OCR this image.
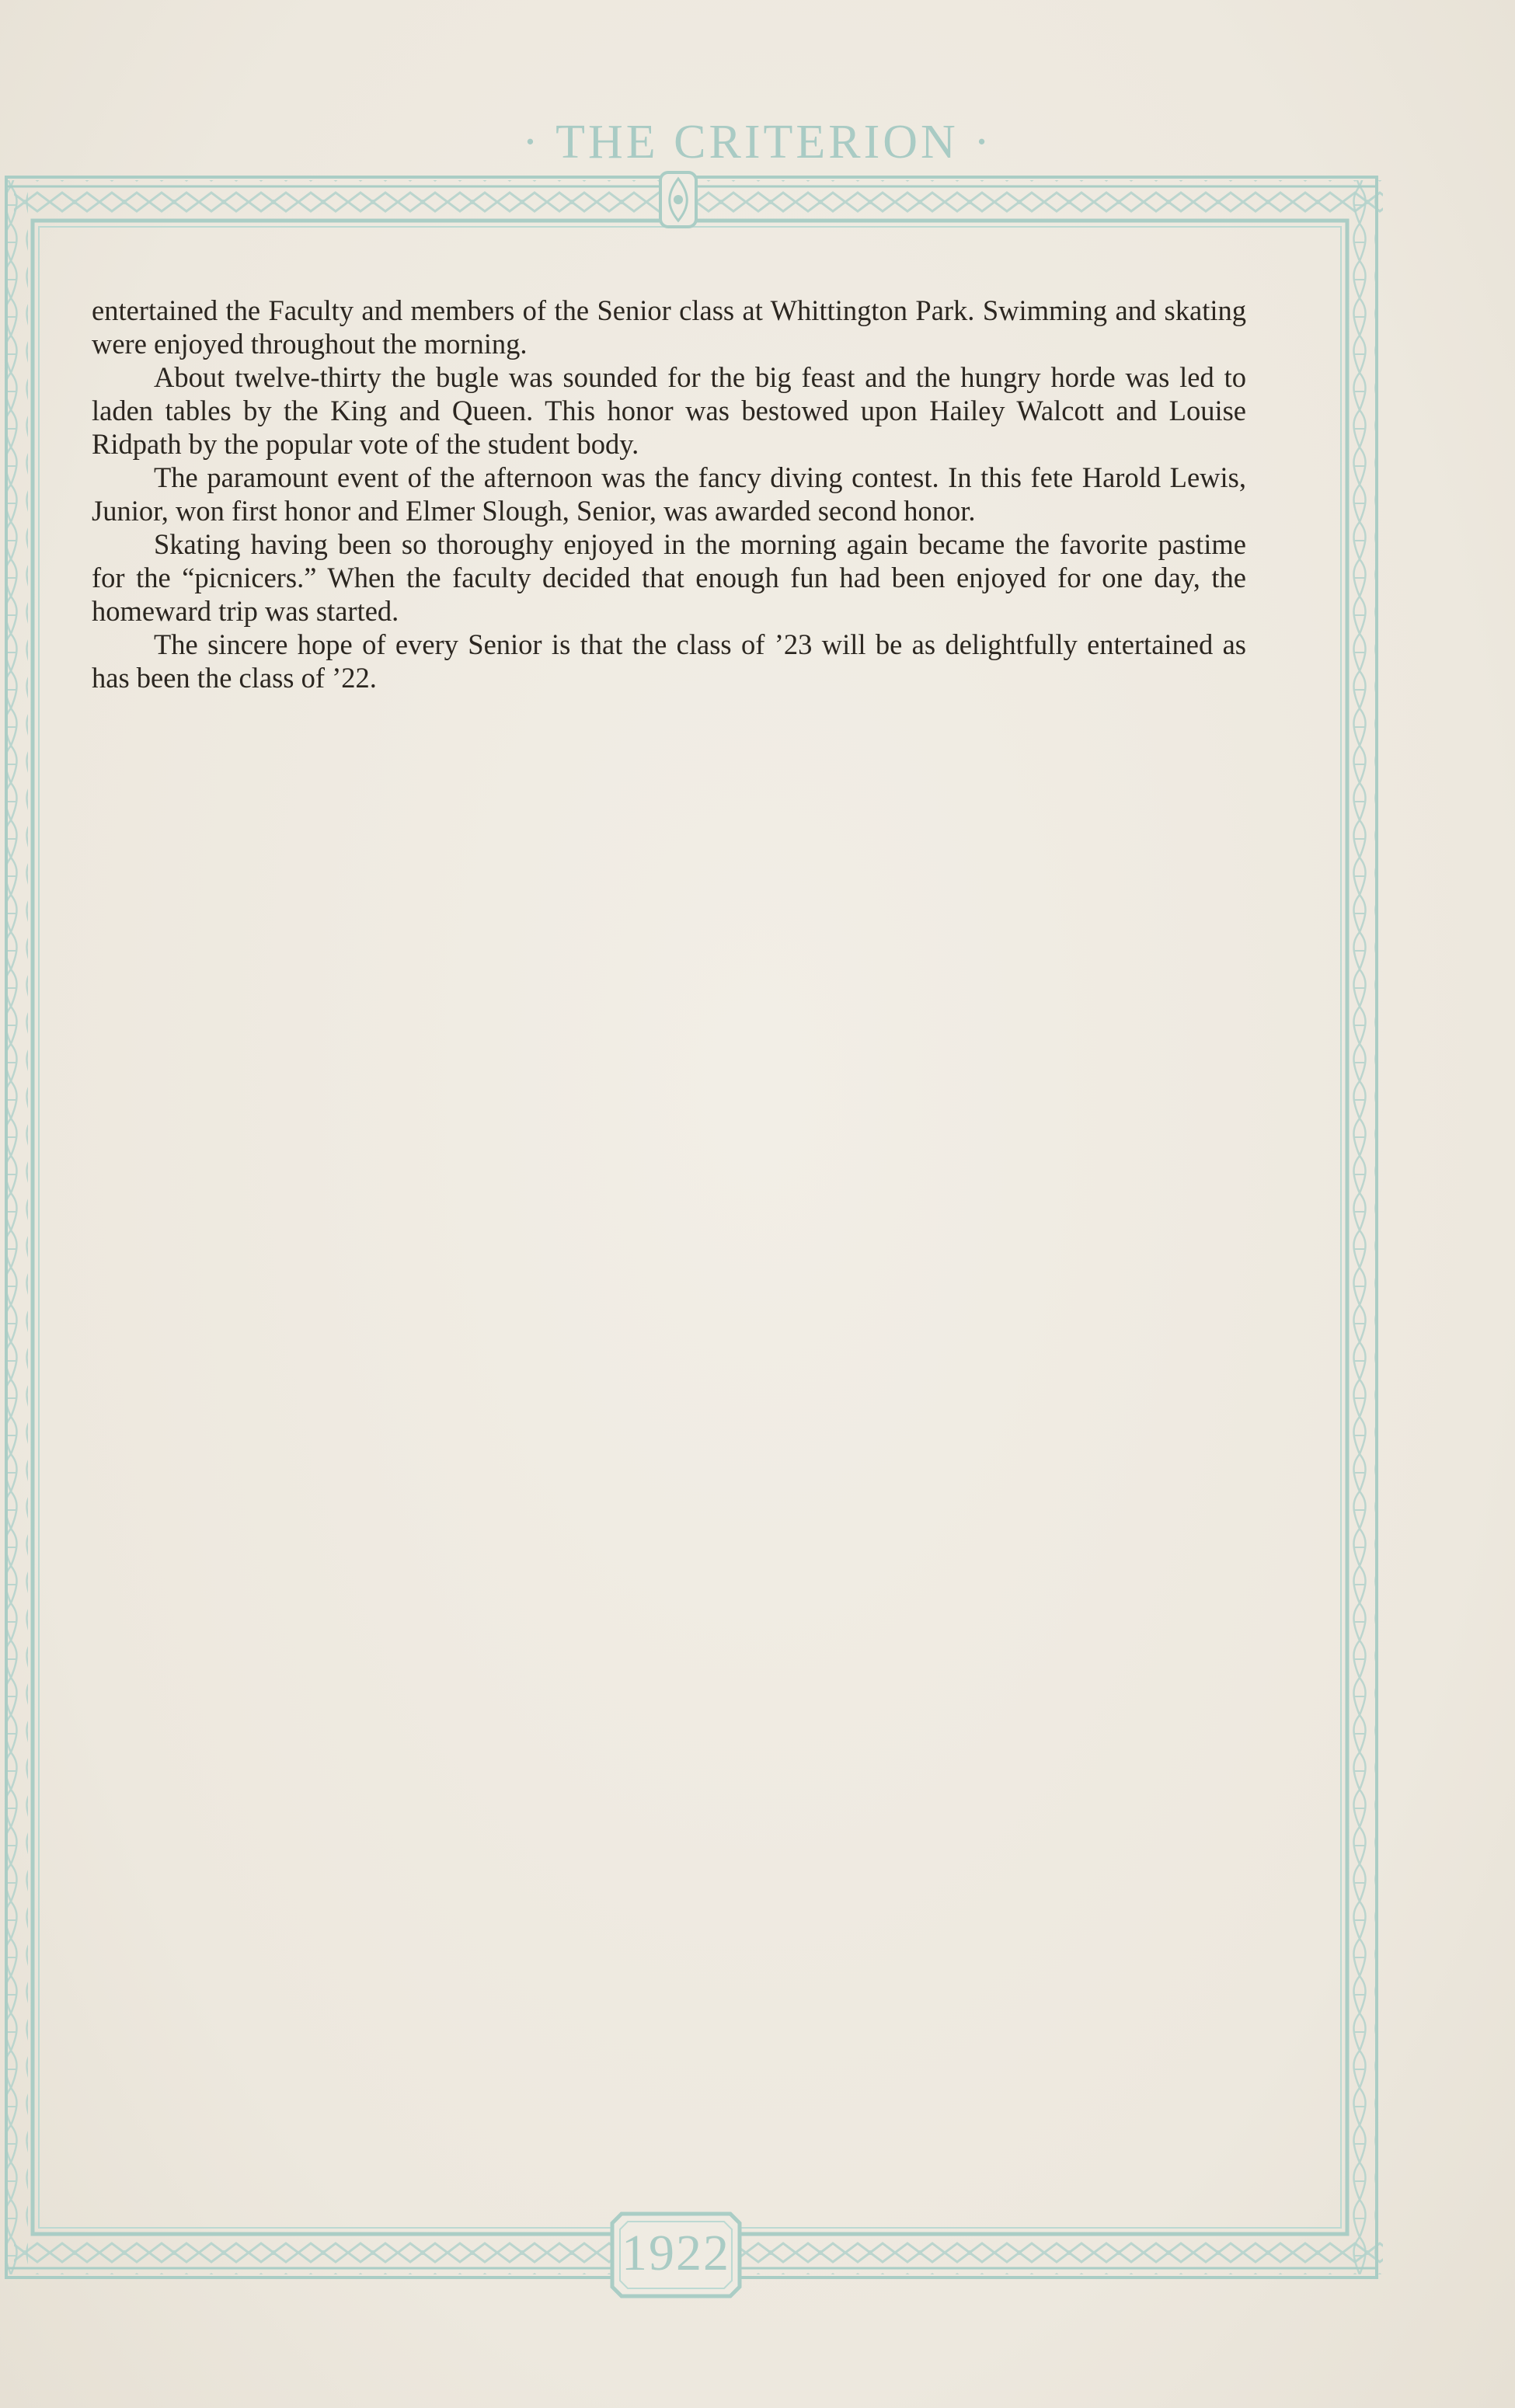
· THE CRITERION ·

entertained the Faculty and members of the Senior class at Whittington Park. Swimming and skating were enjoyed throughout the morning.

About twelve-thirty the bugle was sounded for the big feast and the hungry horde was led to laden tables by the King and Queen. This honor was bestowed upon Hailey Walcott and Louise Ridpath by the popular vote of the student body.

The paramount event of the afternoon was the fancy diving contest. In this fete Harold Lewis, Junior, won first honor and Elmer Slough, Senior, was awarded second honor.

Skating having been so thoroughy enjoyed in the morning again became the favorite pastime for the “picnicers.” When the faculty decided that enough fun had been enjoyed for one day, the homeward trip was started.

The sincere hope of every Senior is that the class of ’23 will be as delightfully entertained as has been the class of ’22.

1922
